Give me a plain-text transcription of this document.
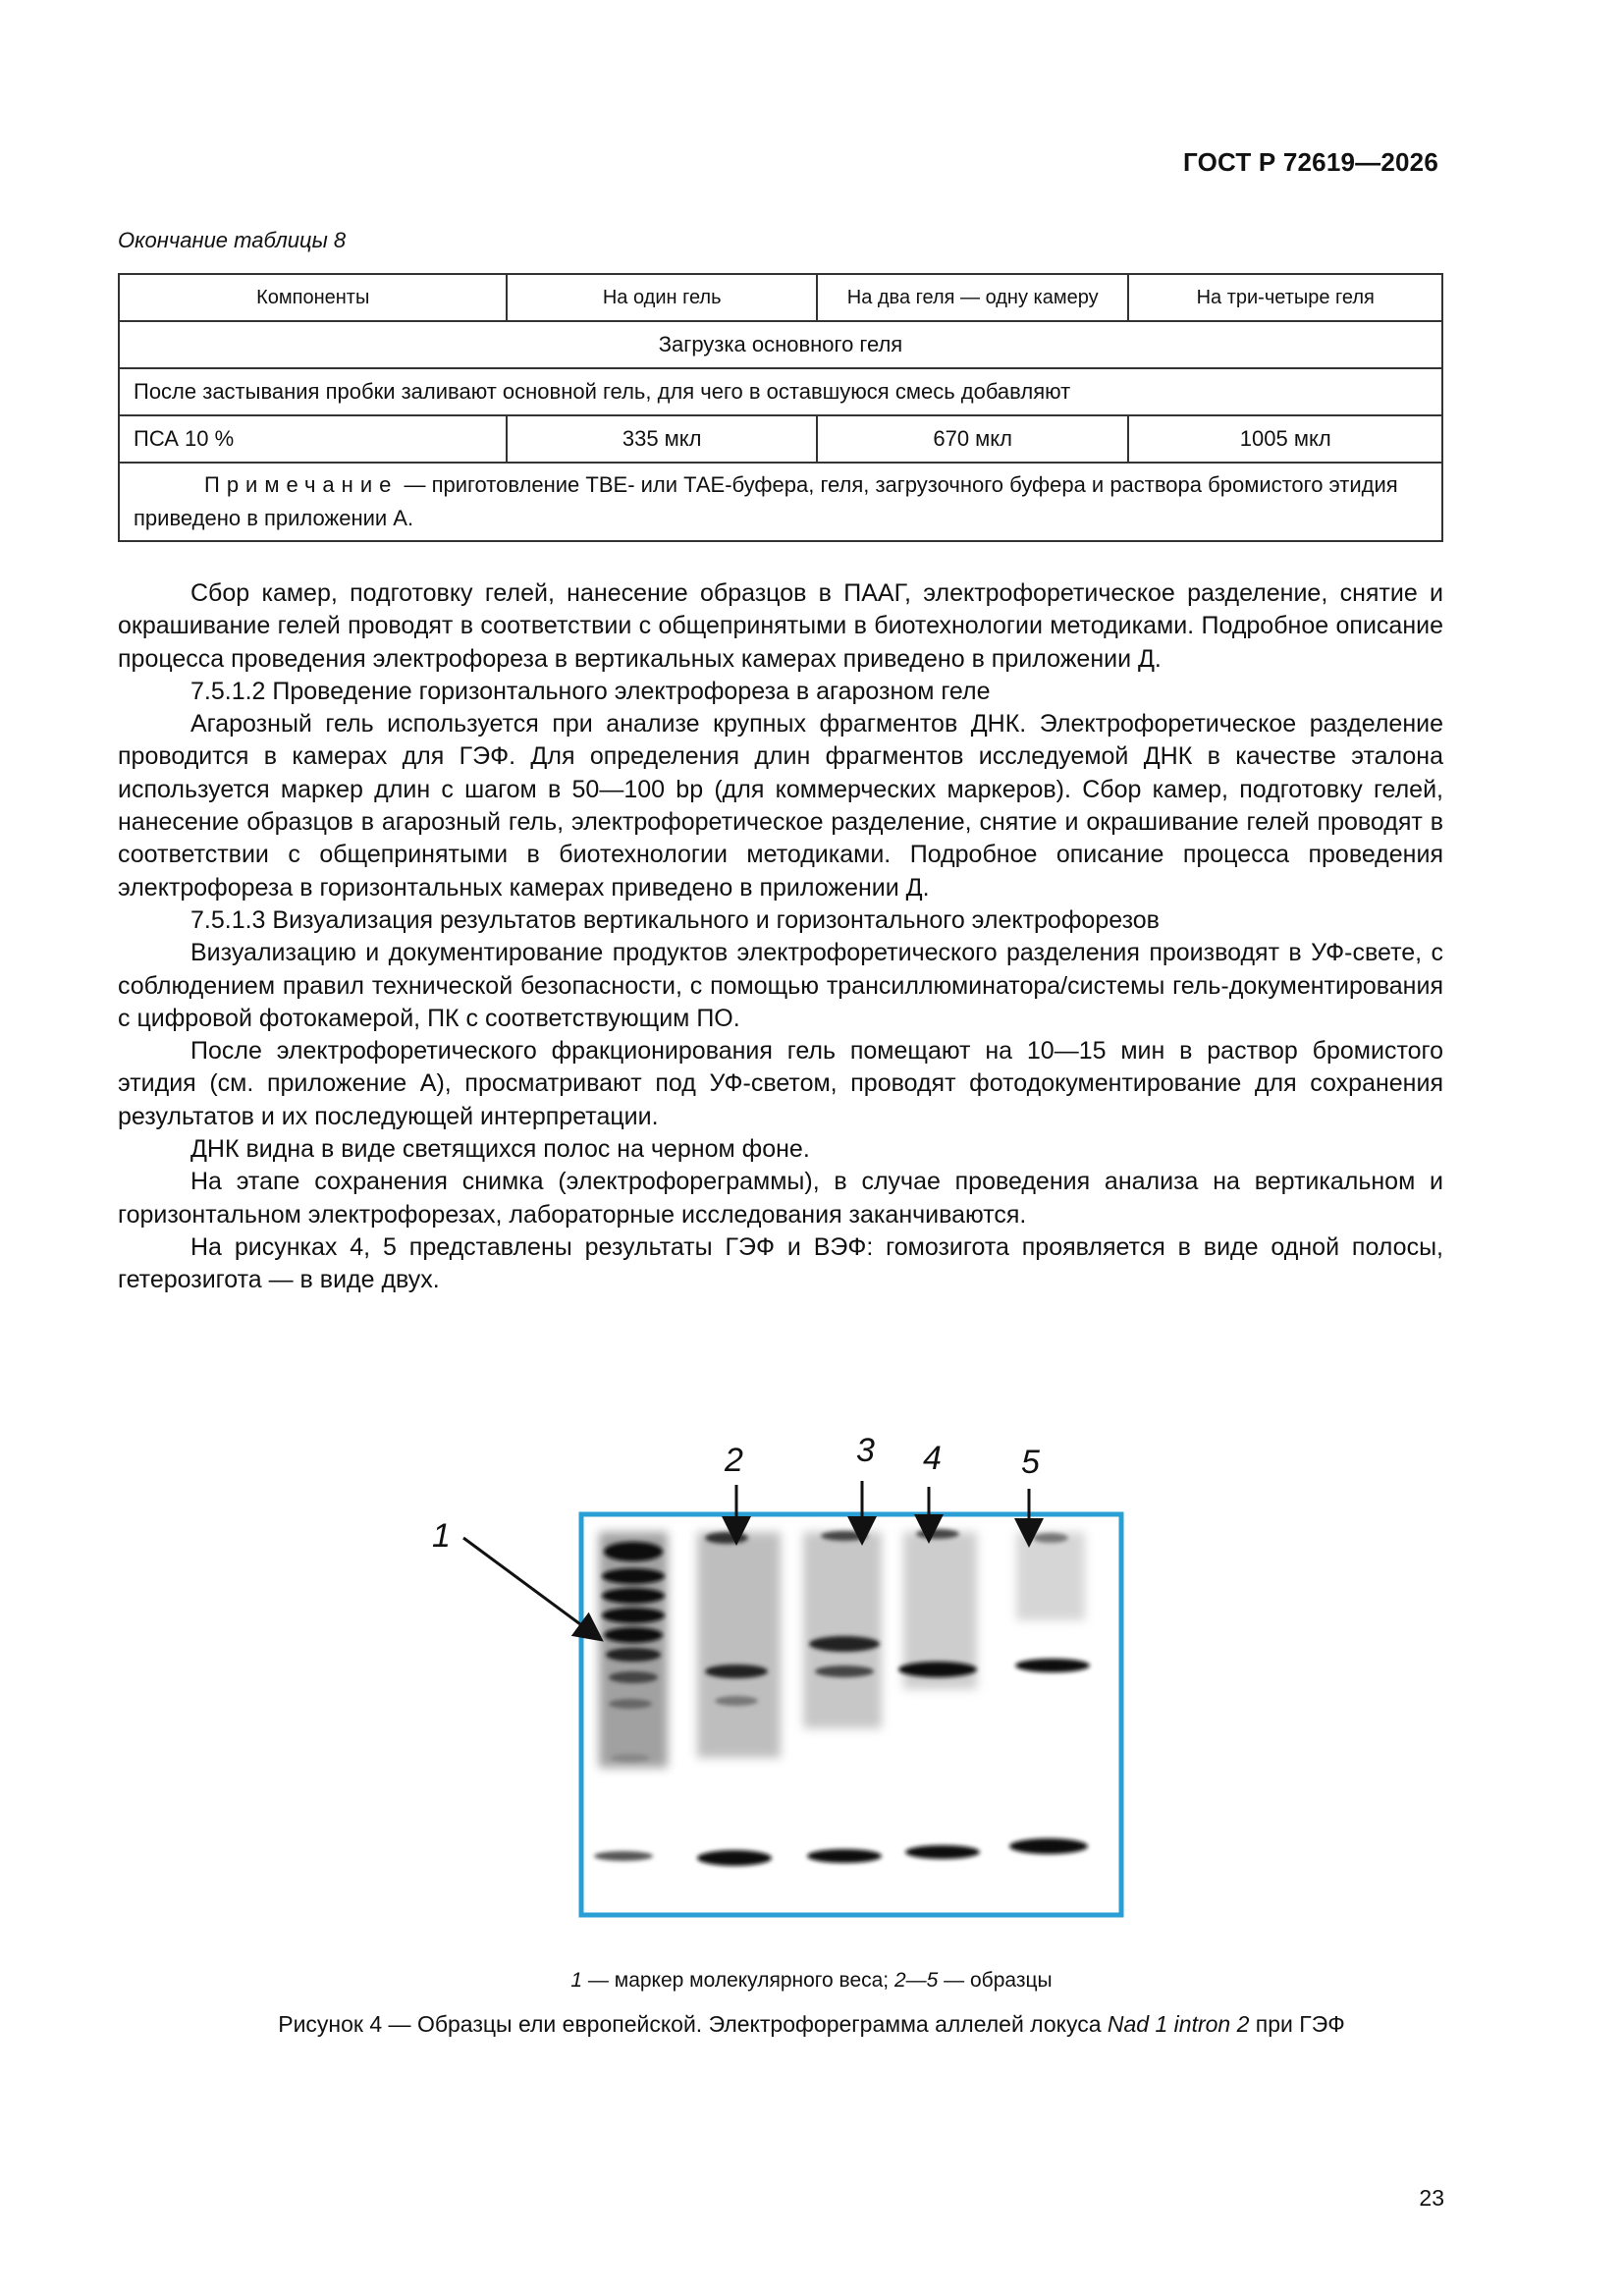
ГОСТ Р 72619—2026
Окончание таблицы 8
Компоненты	На один гель	На два геля — одну камеру	На три-четыре геля
Загрузка основного геля			
После застывания пробки заливают основной гель, для чего в оставшуюся смесь добавляют			
ПСА 10 %	335 мкл	670 мкл	1005 мкл
Примечание — приготовление ТВЕ- или ТАЕ-буфера, геля, загрузочного буфера и раствора бромистого этидия приведено в приложении А.			

Сбор камер, подготовку гелей, нанесение образцов в ПААГ, электрофоретическое разделение, снятие и окрашивание гелей проводят в соответствии с общепринятыми в биотехнологии методиками. Подробное описание процесса проведения электрофореза в вертикальных камерах приведено в приложении Д.

7.5.1.2 Проведение горизонтального электрофореза в агарозном геле

Агарозный гель используется при анализе крупных фрагментов ДНК. Электрофоретическое разделение проводится в камерах для ГЭФ. Для определения длин фрагментов исследуемой ДНК в качестве эталона используется маркер длин с шагом в 50—100 bp (для коммерческих маркеров). Сбор камер, подготовку гелей, нанесение образцов в агарозный гель, электрофоретическое разделение, снятие и окрашивание гелей проводят в соответствии с общепринятыми в биотехнологии методиками. Подробное описание процесса проведения электрофореза в горизонтальных камерах приведено в приложении Д.

7.5.1.3 Визуализация результатов вертикального и горизонтального электрофорезов

Визуализацию и документирование продуктов электрофоретического разделения производят в УФ-свете, с соблюдением правил технической безопасности, с помощью трансиллюминатора/системы гель-документирования с цифровой фотокамерой, ПК с соответствующим ПО.

После электрофоретического фракционирования гель помещают на 10—15 мин в раствор бромистого этидия (см. приложение А), просматривают под УФ-светом, проводят фотодокументирование для сохранения результатов и их последующей интерпретации.

ДНК видна в виде светящихся полос на черном фоне.

На этапе сохранения снимка (электрофореграммы), в случае проведения анализа на вертикальном и горизонтальном электрофорезах, лабораторные исследования заканчиваются.

На рисунках 4, 5 представлены результаты ГЭФ и ВЭФ: гомозигота проявляется в виде одной полосы, гетерозигота — в виде двух.

1
2	3 4 5
1 — маркер молекулярного веса; 2—5 — образцы
Рисунок 4 — Образцы ели европейской. Электрофореграмма аллелей локуса Nad 1 intron 2 при ГЭФ
23
